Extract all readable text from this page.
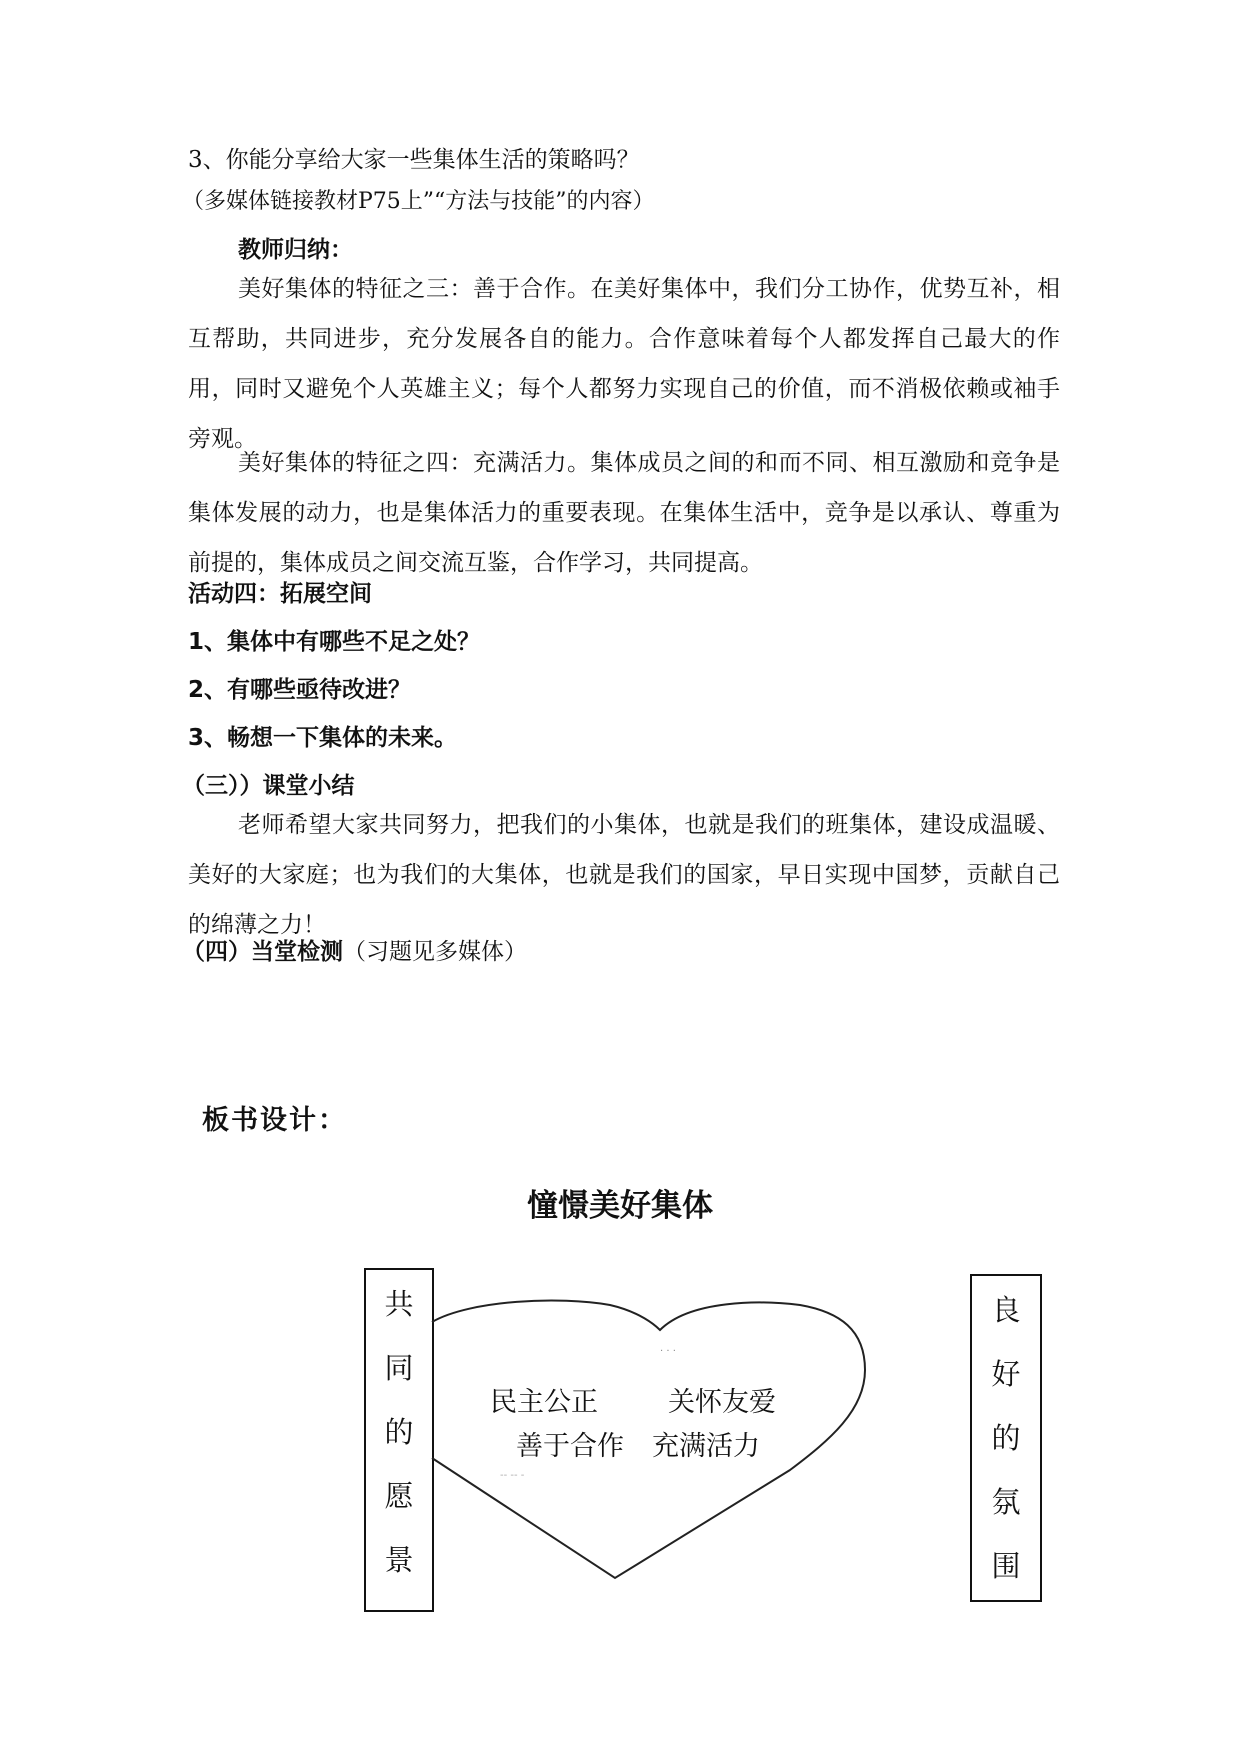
3、你能分享给大家一些集体生活的策略吗？
（多媒体链接教材P75上”“方法与技能”的内容）
教师归纳：
美好集体的特征之三：善于合作。在美好集体中，我们分工协作，优势互补，相互帮助，共同进步，充分发展各自的能力。合作意味着每个人都发挥自己最大的作用，同时又避免个人英雄主义；每个人都努力实现自己的价值，而不消极依赖或袖手旁观。
美好集体的特征之四：充满活力。集体成员之间的和而不同、相互激励和竞争是集体发展的动力，也是集体活力的重要表现。在集体生活中，竞争是以承认、尊重为前提的，集体成员之间交流互鉴，合作学习，共同提高。
活动四：拓展空间
1、集体中有哪些不足之处？
2、有哪些亟待改进？
3、畅想一下集体的未来。
（三））课堂小结
老师希望大家共同努力，把我们的小集体，也就是我们的班集体，建设成温暖、美好的大家庭；也为我们的大集体，也就是我们的国家，早日实现中国梦，贡献自己的绵薄之力！
（四）当堂检测（习题见多媒体）
板书设计：
憧憬美好集体
共
同
的
愿
景
良
好
的
氛
围
· · ·
-- -- -
民主公正	关怀友爱
善于合作 充满活力
